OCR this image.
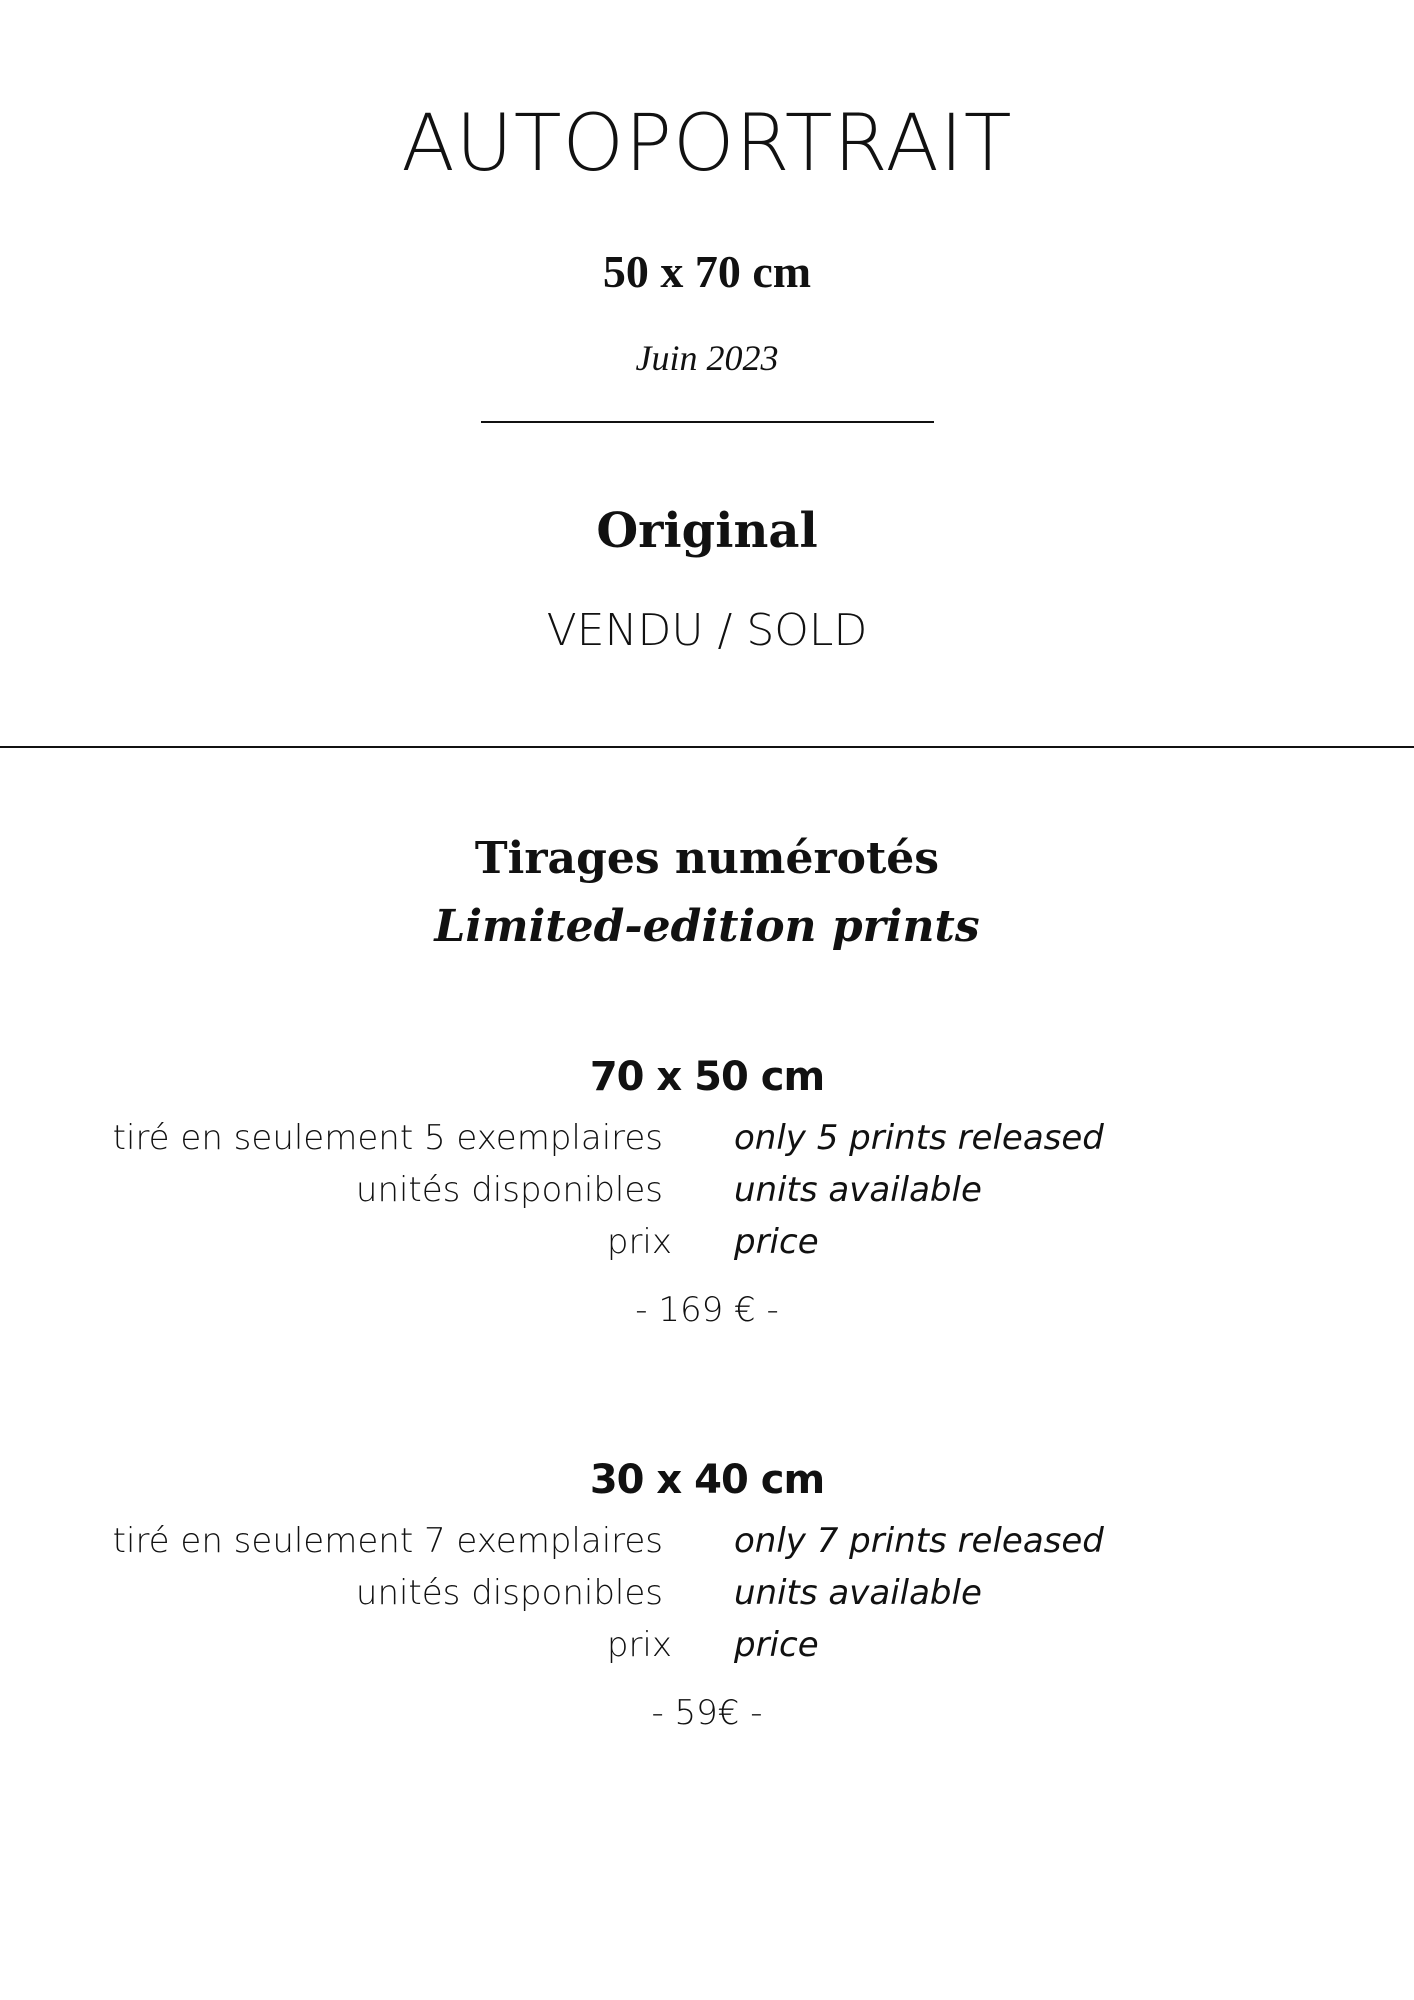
AUTOPORTRAIT
50 x 70 cm
Juin 2023
Original
VENDU / SOLD
Tirages numérotés
Limited-edition prints
70 x 50 cm
tiré en seulement 5 exemplaires only 5 prints released
unités disponibles units available
prix price
- 169 € -
30 x 40 cm
tiré en seulement 7 exemplaires only 7 prints released
unités disponibles units available
prix price
- 59€ -
